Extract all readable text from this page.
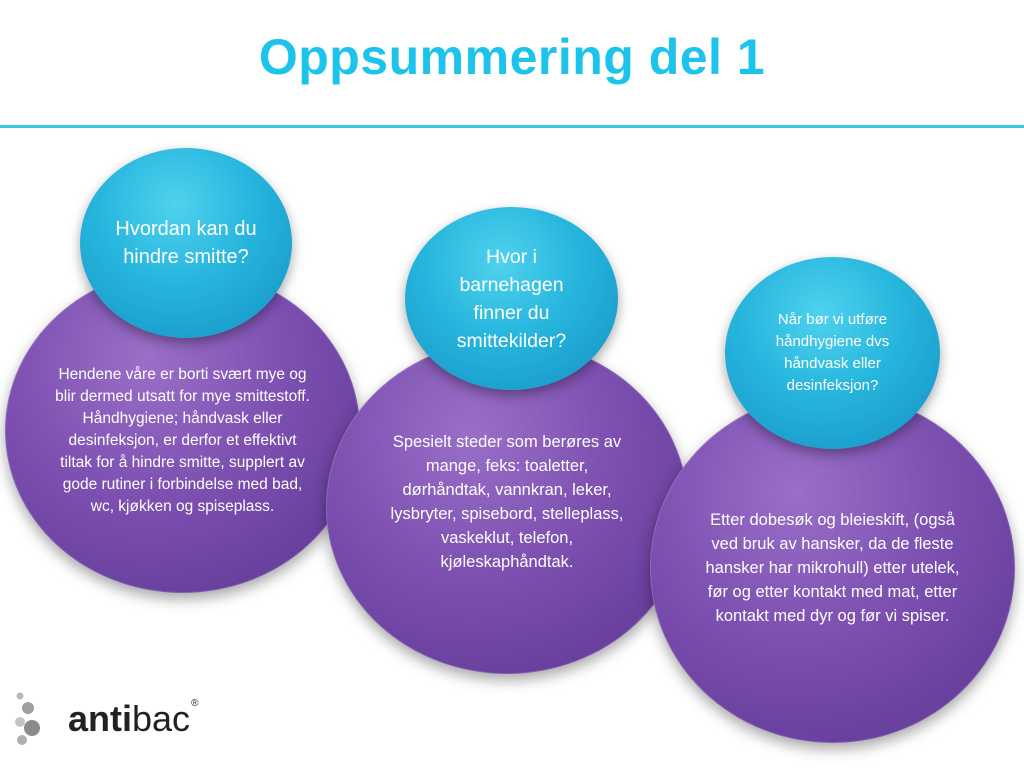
Oppsummering del 1
Hendene våre er borti svært mye og blir dermed utsatt for mye smittestoff. Håndhygiene; håndvask eller desinfeksjon, er derfor et effektivt tiltak for å hindre smitte, supplert av gode rutiner i forbindelse med bad, wc, kjøkken og spiseplass.
Hvordan kan du hindre smitte?
Spesielt steder som berøres av mange, feks: toaletter, dørhåndtak, vannkran, leker, lysbryter, spisebord, stelleplass, vaskeklut, telefon, kjøleskaphåndtak.
Hvor i barnehagen finner du smittekilder?
Etter dobesøk og bleieskift, (også ved bruk av hansker, da de fleste hansker har mikrohull) etter utelek, før og etter kontakt med mat, etter kontakt med dyr og før vi spiser.
Når bør vi utføre håndhygiene dvs håndvask eller desinfeksjon?
antibac®
